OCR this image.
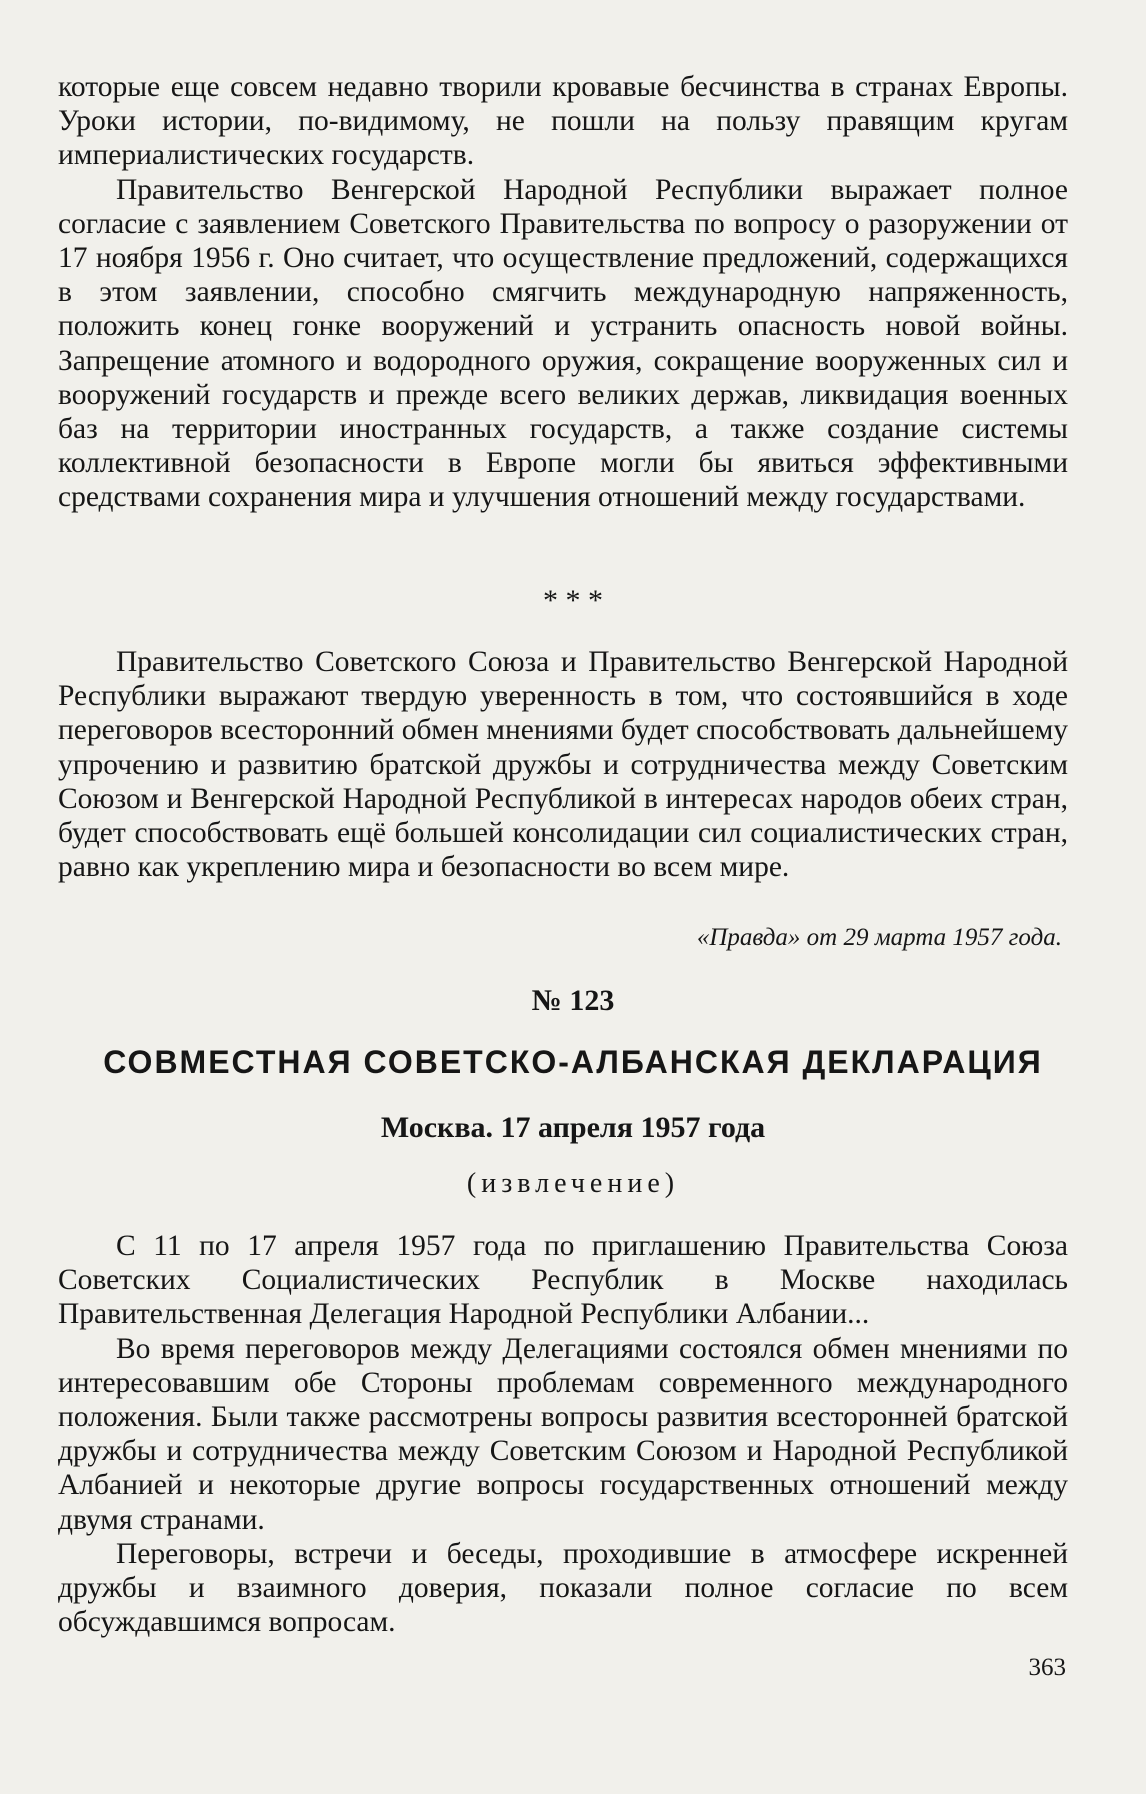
которые еще совсем недавно творили кровавые бесчинства в странах Европы. Уроки истории, по-видимому, не пошли на пользу правящим кругам империалистических государств.

Правительство Венгерской Народной Республики выражает полное согласие с заявлением Советского Правительства по вопросу о разоружении от 17 ноября 1956 г. Оно считает, что осуществление предложений, содержащихся в этом заявлении, способно смягчить международную напряженность, положить конец гонке вооружений и устранить опасность новой войны. Запрещение атомного и водородного оружия, сокращение вооруженных сил и вооружений государств и прежде всего великих держав, ликвидация военных баз на территории иностранных государств, а также создание системы коллективной безопасности в Европе могли бы явиться эффективными средствами сохранения мира и улучшения отношений между государствами.

* * *

Правительство Советского Союза и Правительство Венгерской Народной Республики выражают твердую уверенность в том, что состоявшийся в ходе переговоров всесторонний обмен мнениями будет способствовать дальнейшему упрочению и развитию братской дружбы и сотрудничества между Советским Союзом и Венгерской Народной Республикой в интересах народов обеих стран, будет способствовать ещё большей консолидации сил социалистических стран, равно как укреплению мира и безопасности во всем мире.

«Правда» от 29 марта 1957 года.
№ 123
СОВМЕСТНАЯ СОВЕТСКО-АЛБАНСКАЯ ДЕКЛАРАЦИЯ
Москва. 17 апреля 1957 года
(извлечение)

С 11 по 17 апреля 1957 года по приглашению Правительства Союза Советских Социалистических Республик в Москве находилась Правительственная Делегация Народной Республики Албании...

Во время переговоров между Делегациями состоялся обмен мнениями по интересовавшим обе Стороны проблемам современного международного положения. Были также рассмотрены вопросы развития всесторонней братской дружбы и сотрудничества между Советским Союзом и Народной Республикой Албанией и некоторые другие вопросы государственных отношений между двумя странами.

Переговоры, встречи и беседы, проходившие в атмосфере искренней дружбы и взаимного доверия, показали полное согласие по всем обсуждавшимся вопросам.

363
